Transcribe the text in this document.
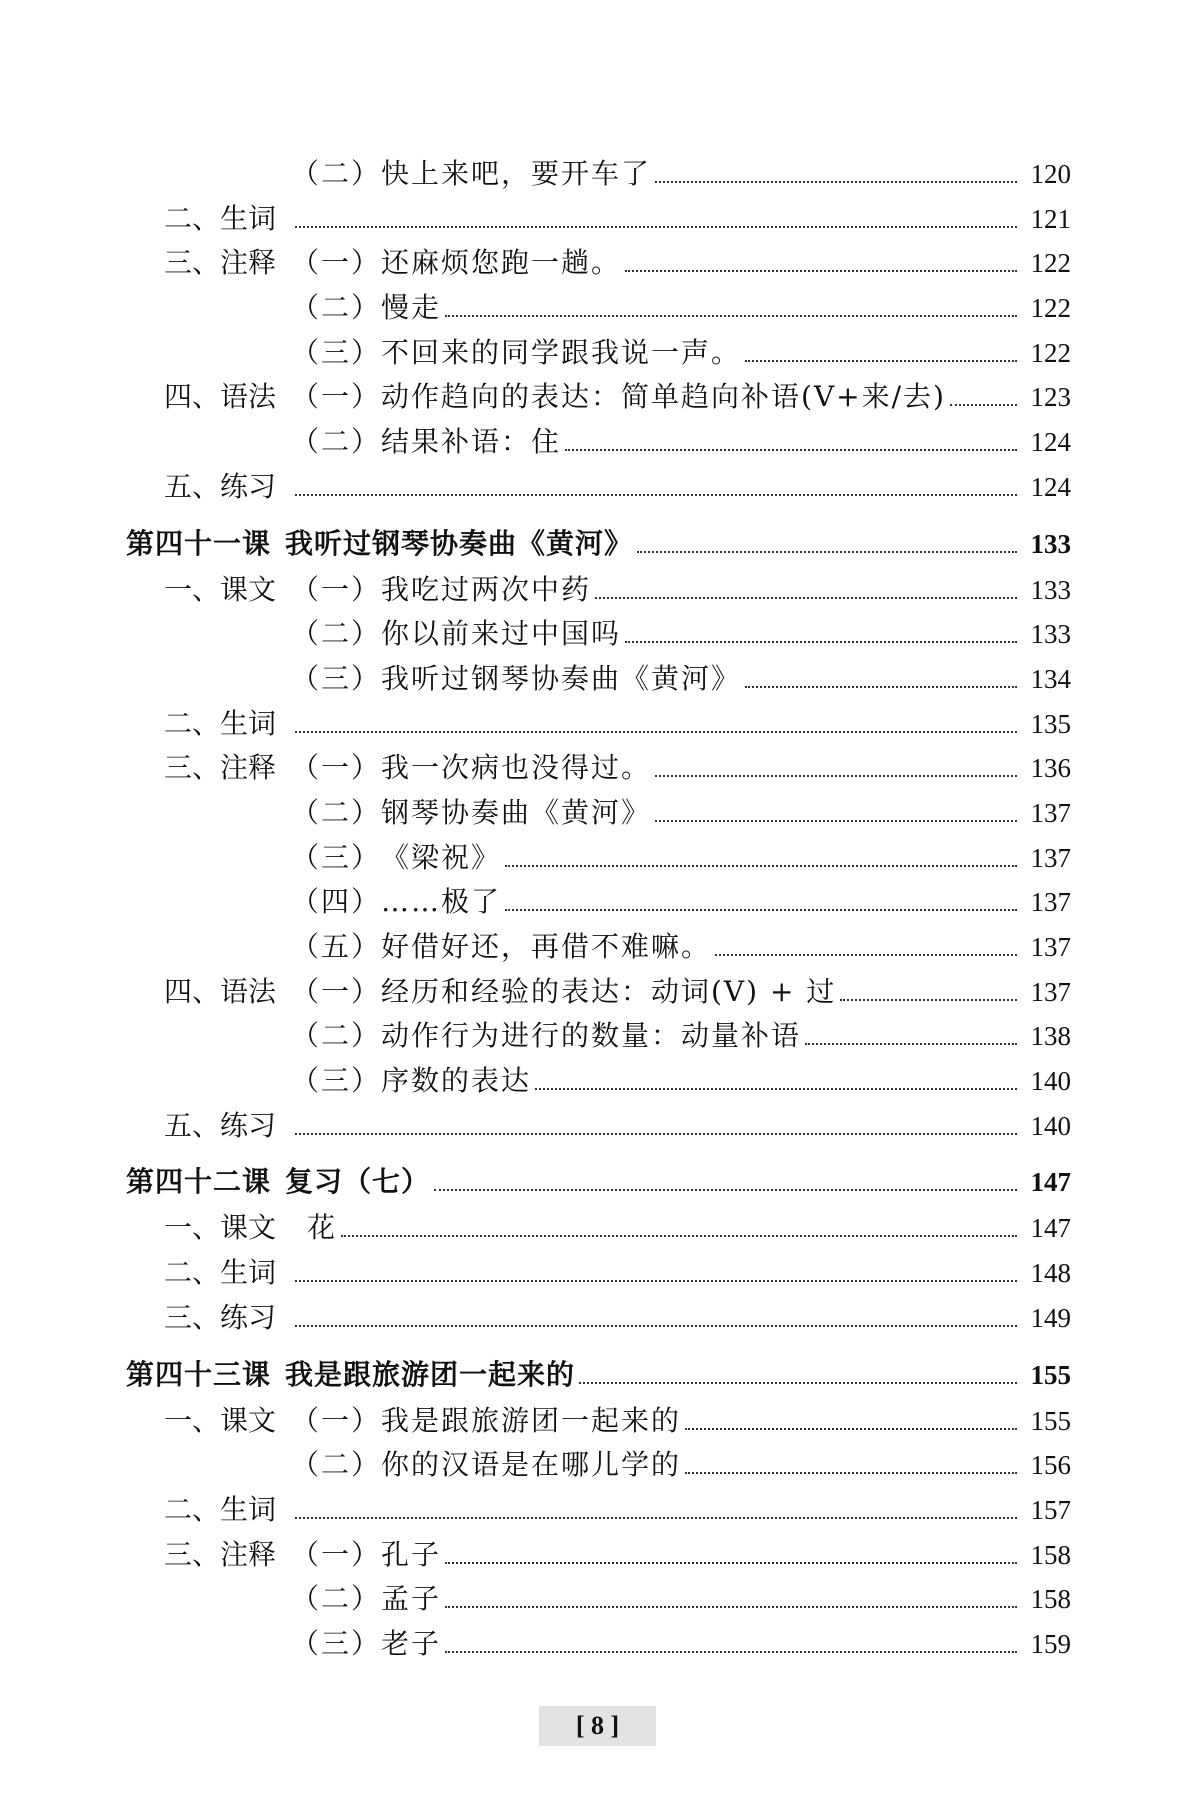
（二） 快上来吧，要开车了	120
二、生词	121
三、注释 （一） 还麻烦您跑一趟。	122
（二） 慢走	122
（三） 不回来的同学跟我说一声。	122
四、语法 （一） 动作趋向的表达：简单趋向补语(V+来/去)	123
（二） 结果补语：住	124
五、练习	124
第四十一课 我听过钢琴协奏曲《黄河》	133
一、课文 （一） 我吃过两次中药	133
（二） 你以前来过中国吗	133
（三） 我听过钢琴协奏曲《黄河》	134
二、生词	135
三、注释 （一） 我一次病也没得过。	136
（二） 钢琴协奏曲《黄河》	137
（三） 《梁祝》	137
（四） ……极了	137
（五） 好借好还，再借不难嘛。	137
四、语法 （一） 经历和经验的表达：动词(V) + 过	137
（二） 动作行为进行的数量：动量补语	138
（三） 序数的表达	140
五、练习	140
第四十二课 复习（七）	147
一、课文	花	147
二、生词	148
三、练习	149
第四十三课 我是跟旅游团一起来的	155
一、课文 （一） 我是跟旅游团一起来的	155
（二） 你的汉语是在哪儿学的	156
二、生词	157
三、注释 （一） 孔子	158
（二） 孟子	158
（三） 老子	159
[ 8 ]
